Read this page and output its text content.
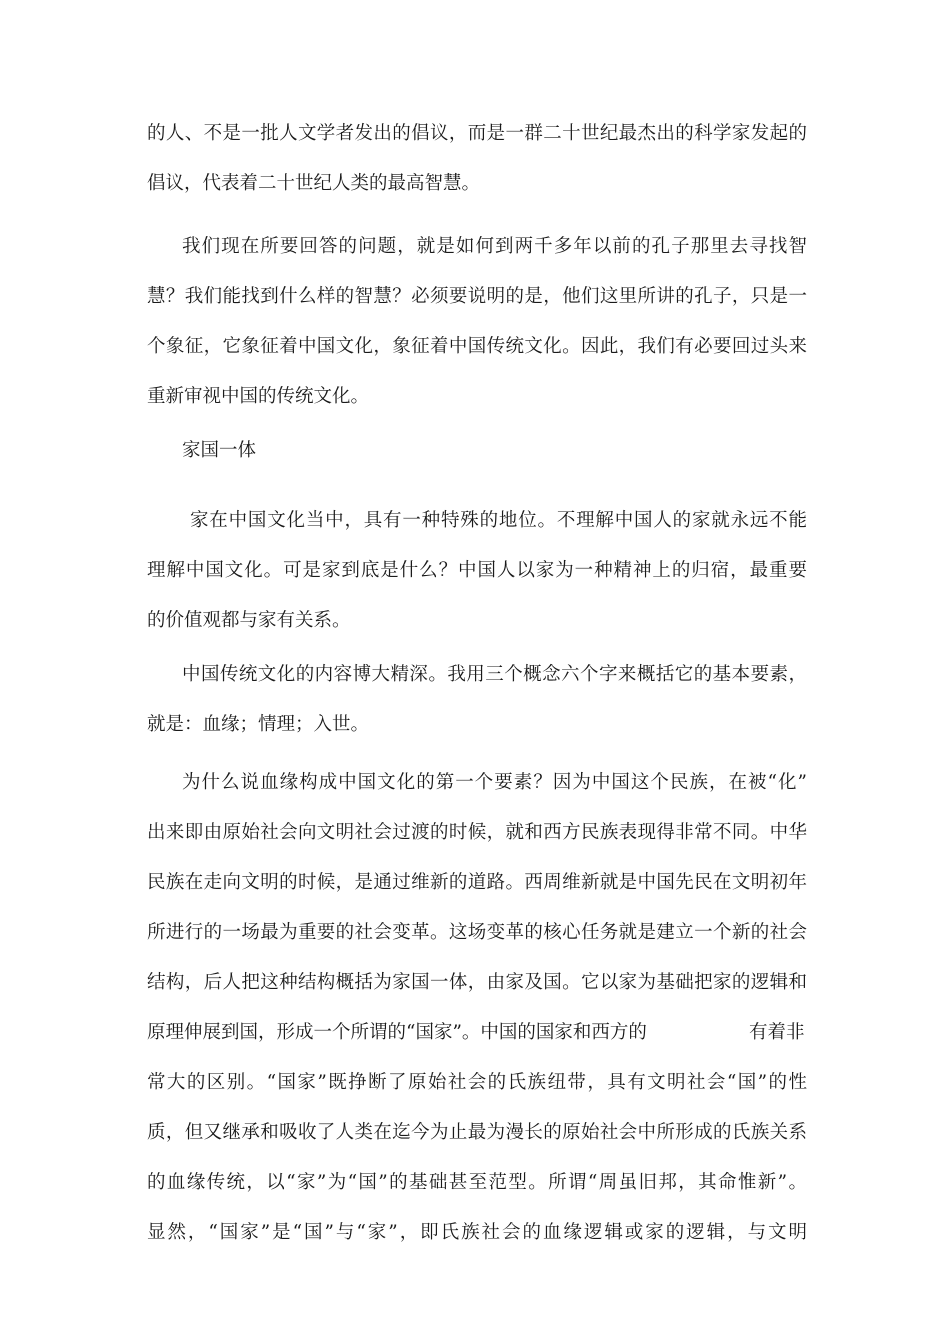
的人、不是一批人文学者发出的倡议，而是一群二十世纪最杰出的科学家发起的
倡议，代表着二十世纪人类的最高智慧。
我们现在所要回答的问题，就是如何到两千多年以前的孔子那里去寻找智
慧？我们能找到什么样的智慧？必须要说明的是，他们这里所讲的孔子，只是一
个象征，它象征着中国文化，象征着中国传统文化。因此，我们有必要回过头来
重新审视中国的传统文化。
家国一体
家在中国文化当中，具有一种特殊的地位。不理解中国人的家就永远不能
理解中国文化。可是家到底是什么？中国人以家为一种精神上的归宿，最重要
的价值观都与家有关系。
中国传统文化的内容博大精深。我用三个概念六个字来概括它的基本要素，
就是：血缘；情理；入世。
为什么说血缘构成中国文化的第一个要素？因为中国这个民族，在被“化”
出来即由原始社会向文明社会过渡的时候，就和西方民族表现得非常不同。中华
民族在走向文明的时候，是通过维新的道路。西周维新就是中国先民在文明初年
所进行的一场最为重要的社会变革。这场变革的核心任务就是建立一个新的社会
结构，后人把这种结构概括为家国一体，由家及国。它以家为基础把家的逻辑和
原理伸展到国，形成一个所谓的“国家”。中国的国家和西方的	有着非
常大的区别。“国家”既挣断了原始社会的氏族纽带，具有文明社会“国”的性
质，但又继承和吸收了人类在迄今为止最为漫长的原始社会中所形成的氏族关系
的血缘传统，以“家”为“国”的基础甚至范型。所谓“周虽旧邦，其命惟新”。
显然，“国家”是“国”与“家”，即氏族社会的血缘逻辑或家的逻辑，与文明
